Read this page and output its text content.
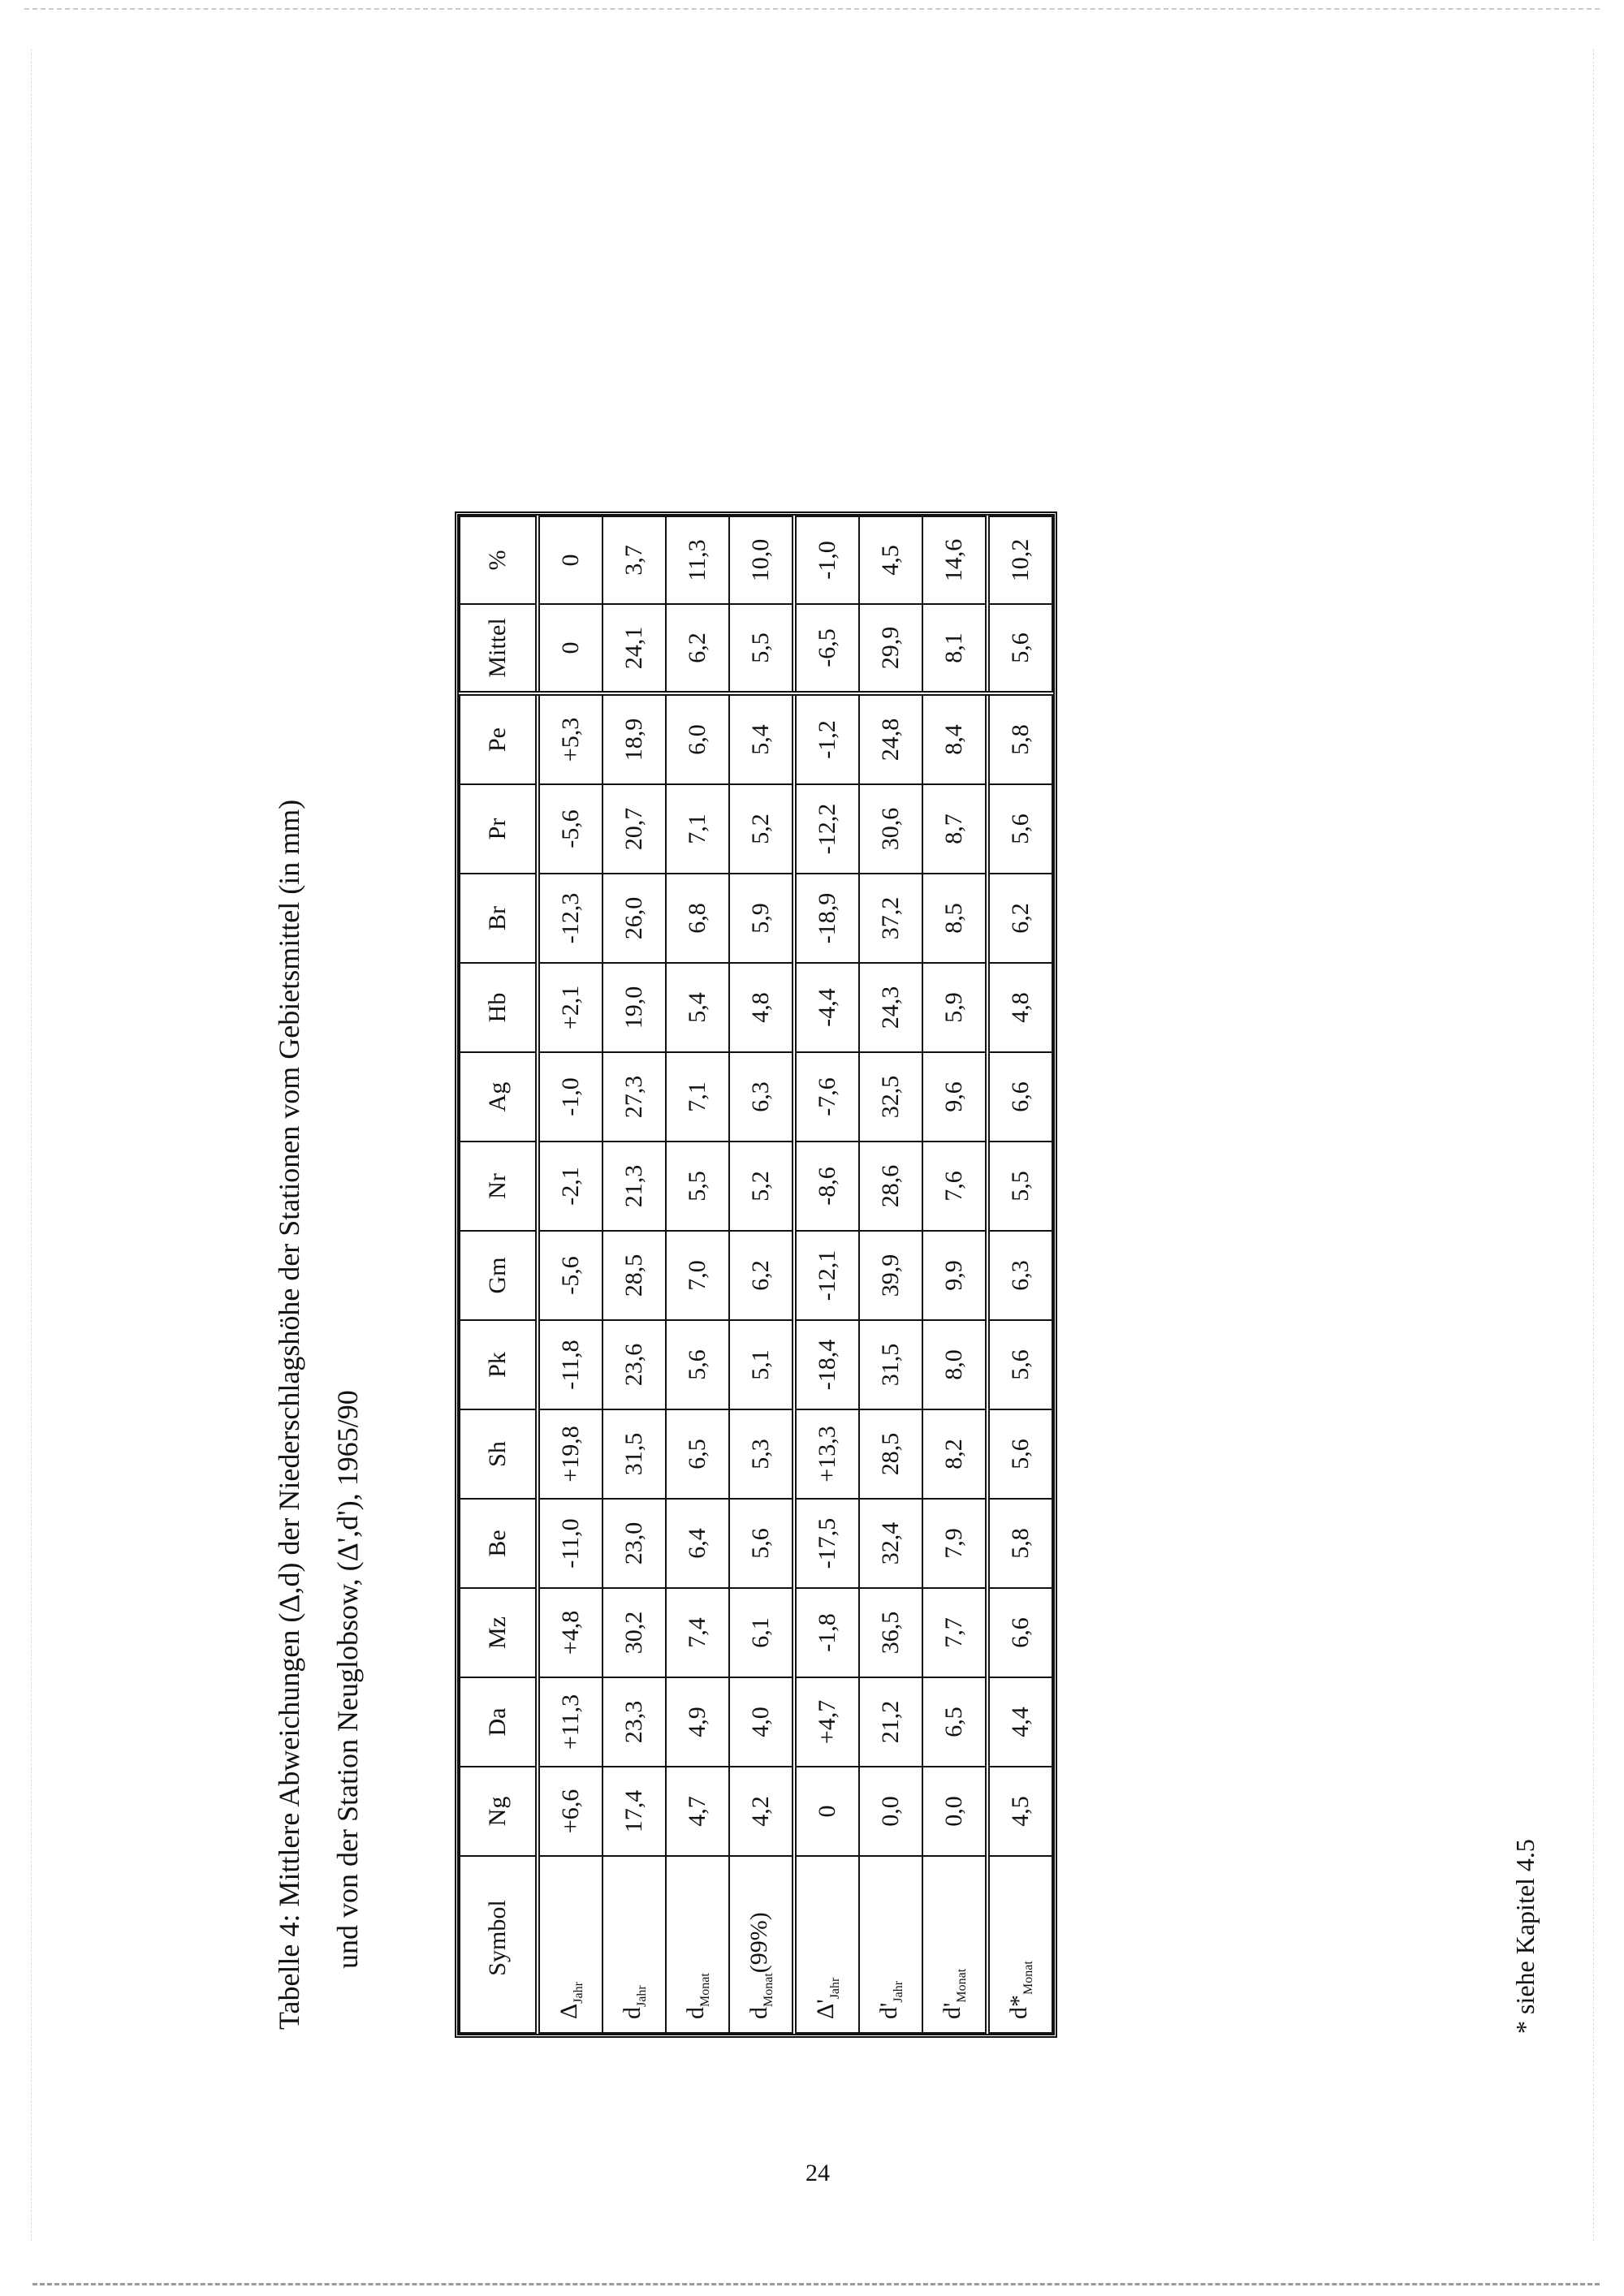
Tabelle 4: Mittlere Abweichungen (Δ,d) der Niederschlagshöhe der Stationen vom Gebietsmittel (in mm) und von der Station Neuglobsow, (Δ',d'), 1965/90	Symbol	Ng	Da	Mz	Be	Sh	Pk	Gm	Nr	Ag	Hb	Br	Pr	Pe	Mittel	%
$\Delta_{Jahr}$	+6,6	+11,3	+4,8	-11,0	+19,8	-11,8	-5,6	-2,1	-1,0	+2,1	-12,3	-5,6	+5,3	0	0
$d_{Jahr}$	17,4	23,3	30,2	23,0	31,5	23,6	28,5	21,3	27,3	19,0	26,0	20,7	18,9	24,1	3,7
$d_{Monat}$	4,7	4,9	7,4	6,4	6,5	5,6	7,0	5,5	7,1	5,4	6,8	7,1	6,0	6,2	11,3
$d_{Monat}(99\%)$	4,2	4,0	6,1	5,6	5,3	5,1	6,2	5,2	6,3	4,8	5,9	5,2	5,4	5,5	10,0
$\Delta'_{Jahr}$	0	+4,7	-1,8	-17,5	+13,3	-18,4	-12,1	-8,6	-7,6	-4,4	-18,9	-12,2	-1,2	-6,5	-1,0
$d'_{Jahr}$	0,0	21,2	36,5	32,4	28,5	31,5	39,9	28,6	32,5	24,3	37,2	30,6	24,8	29,9	4,5
$d'_{Monat}$	0,0	6,5	7,7	7,9	8,2	8,0	9,9	7,6	9,6	5,9	8,5	8,7	8,4	8,1	14,6
$d*_{Monat}$	4,5	4,4	6,6	5,8	5,6	5,6	6,3	5,5	6,6	4,8	6,2	5,6	5,8	5,6	10,2
* siehe Kapitel 4.5
24
